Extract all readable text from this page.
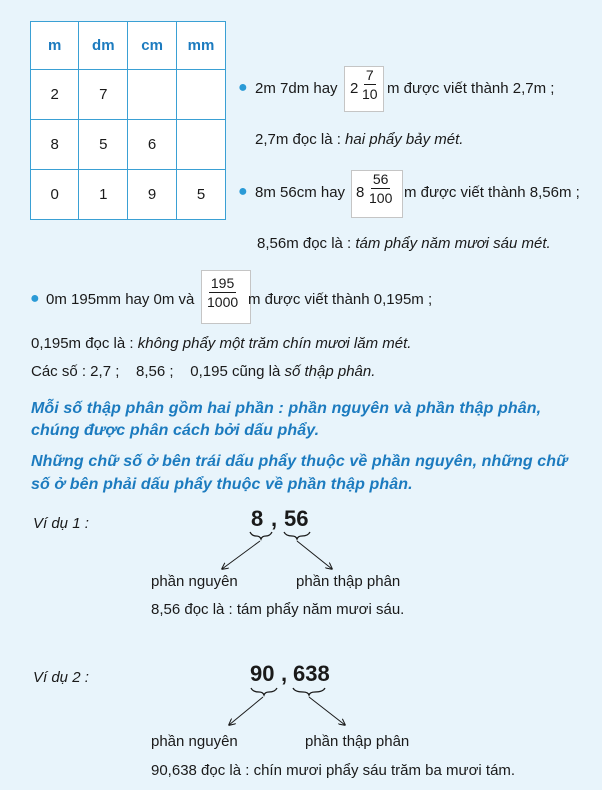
m	dm	cm	mm
2	7		
8	5	6	
0	1	9	5
● 2m 7dm hay $2 \frac{7}{10}$ m được viết thành 2,7m ;
2,7m đọc là : hai phẩy bảy mét.
● 8m 56cm hay $8 \frac{56}{100}$ m được viết thành 8,56m ;
8,56m đọc là : tám phẩy năm mươi sáu mét.
● 0m 195mm hay 0m và $\frac{195}{1000}$ m được viết thành 0,195m ;
0,195m đọc là : không phẩy một trăm chín mươi lăm mét.
Các số : 2,7 ;    8,56 ;    0,195 cũng là số thập phân.
Mỗi số thập phân gồm hai phần : phần nguyên và phần thập phân,
chúng được phân cách bởi dấu phẩy.
Những chữ số ở bên trái dấu phẩy thuộc về phần nguyên, những chữ
số ở bên phải dấu phẩy thuộc về phần thập phân.
Ví dụ 1 :	8 , 56
phần nguyên	phần thập phân
8,56 đọc là : tám phẩy năm mươi sáu.
Ví dụ 2 :	90 , 638
phần nguyên	phần thập phân
90,638 đọc là : chín mươi phẩy sáu trăm ba mươi tám.
